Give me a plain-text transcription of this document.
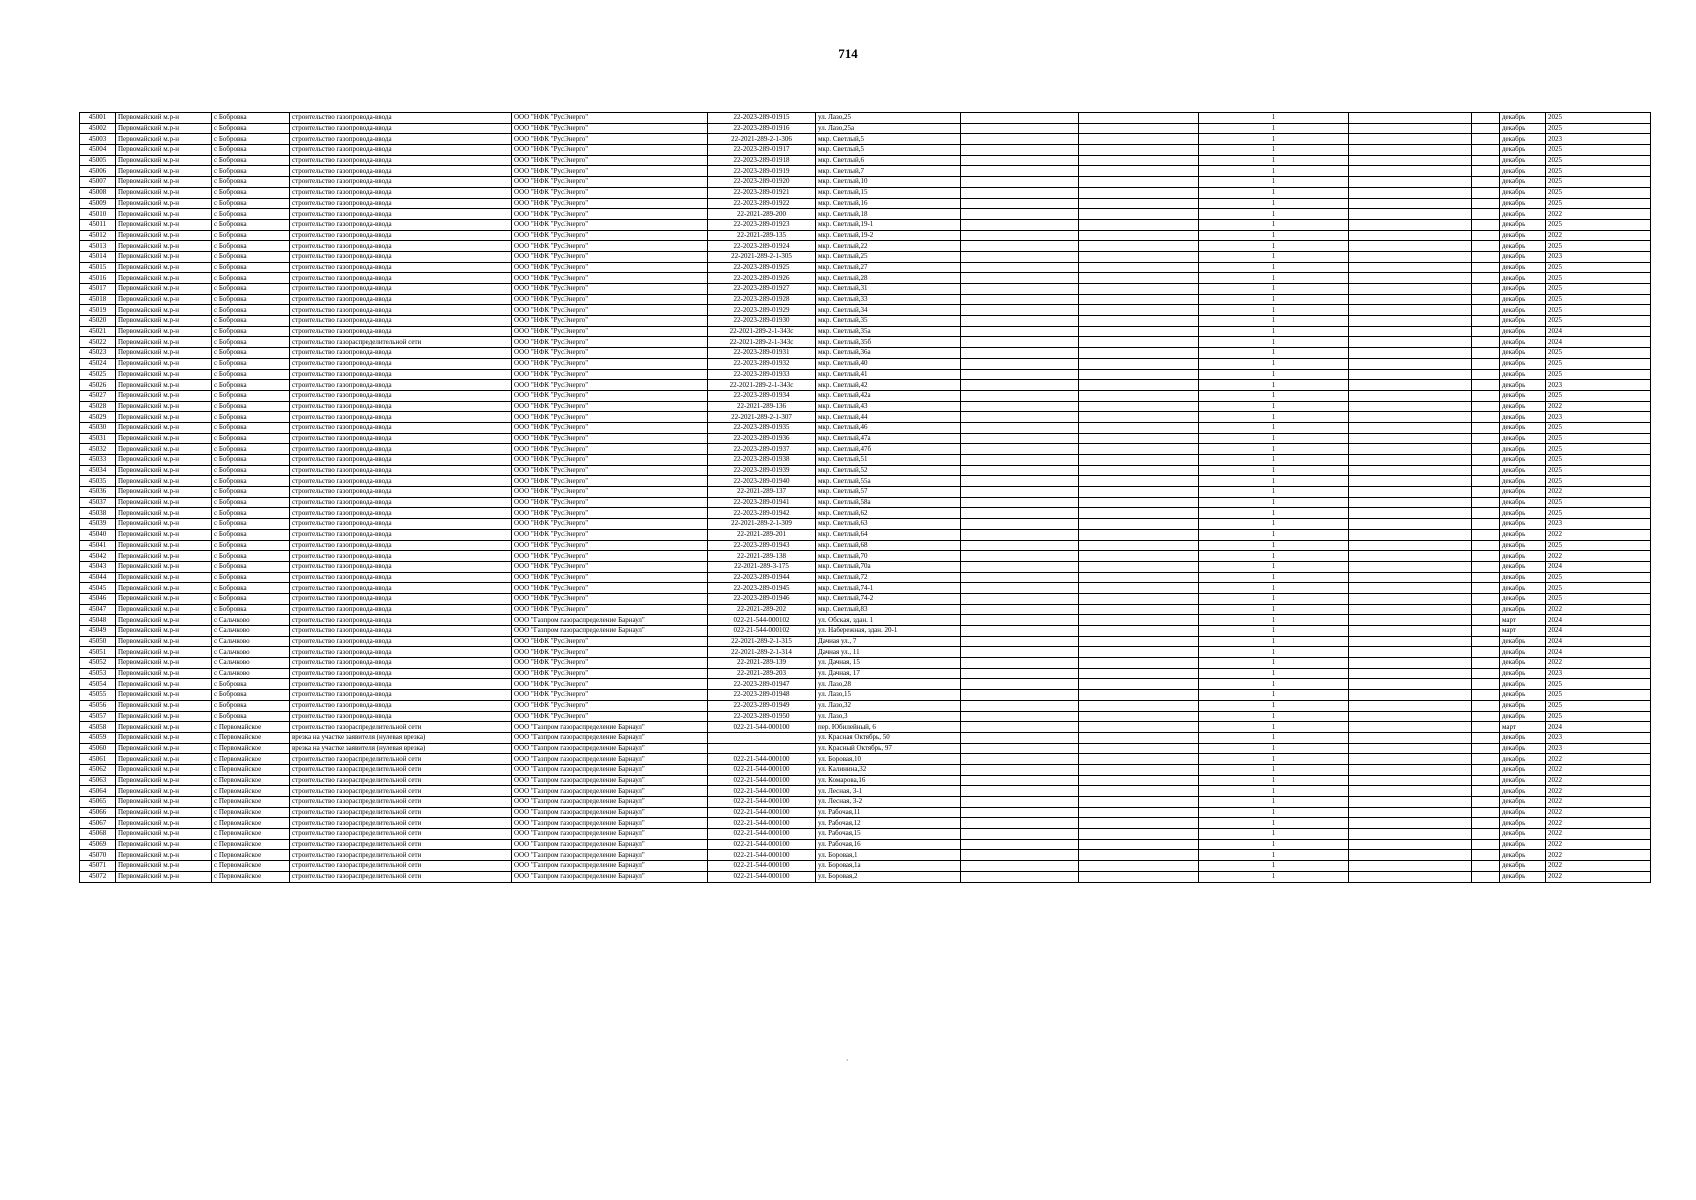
714
45001	Первомайский м.р-н	с Бобровка	строительство газопровода-ввода	ООО "НФК "РусЭнерго"	22-2023-289-01915	ул. Лазо,25			1			декабрь	2025
45002	Первомайский м.р-н	с Бобровка	строительство газопровода-ввода	ООО "НФК "РусЭнерго"	22-2023-289-01916	ул. Лазо,25а			1			декабрь	2025
45003	Первомайский м.р-н	с Бобровка	строительство газопровода-ввода	ООО "НФК "РусЭнерго"	22-2021-289-2-1-306	мкр. Светлый,5			1			декабрь	2023
45004	Первомайский м.р-н	с Бобровка	строительство газопровода-ввода	ООО "НФК "РусЭнерго"	22-2023-289-01917	мкр. Светлый,5			1			декабрь	2025
45005	Первомайский м.р-н	с Бобровка	строительство газопровода-ввода	ООО "НФК "РусЭнерго"	22-2023-289-01918	мкр. Светлый,6			1			декабрь	2025
45006	Первомайский м.р-н	с Бобровка	строительство газопровода-ввода	ООО "НФК "РусЭнерго"	22-2023-289-01919	мкр. Светлый,7			1			декабрь	2025
45007	Первомайский м.р-н	с Бобровка	строительство газопровода-ввода	ООО "НФК "РусЭнерго"	22-2023-289-01920	мкр. Светлый,10			1			декабрь	2025
45008	Первомайский м.р-н	с Бобровка	строительство газопровода-ввода	ООО "НФК "РусЭнерго"	22-2023-289-01921	мкр. Светлый,15			1			декабрь	2025
45009	Первомайский м.р-н	с Бобровка	строительство газопровода-ввода	ООО "НФК "РусЭнерго"	22-2023-289-01922	мкр. Светлый,16			1			декабрь	2025
45010	Первомайский м.р-н	с Бобровка	строительство газопровода-ввода	ООО "НФК "РусЭнерго"	22-2021-289-200	мкр. Светлый,18			1			декабрь	2022
45011	Первомайский м.р-н	с Бобровка	строительство газопровода-ввода	ООО "НФК "РусЭнерго"	22-2023-289-01923	мкр. Светлый,19-1			1			декабрь	2025
45012	Первомайский м.р-н	с Бобровка	строительство газопровода-ввода	ООО "НФК "РусЭнерго"	22-2021-289-135	мкр. Светлый,19-2			1			декабрь	2022
45013	Первомайский м.р-н	с Бобровка	строительство газопровода-ввода	ООО "НФК "РусЭнерго"	22-2023-289-01924	мкр. Светлый,22			1			декабрь	2025
45014	Первомайский м.р-н	с Бобровка	строительство газопровода-ввода	ООО "НФК "РусЭнерго"	22-2021-289-2-1-305	мкр. Светлый,25			1			декабрь	2023
45015	Первомайский м.р-н	с Бобровка	строительство газопровода-ввода	ООО "НФК "РусЭнерго"	22-2023-289-01925	мкр. Светлый,27			1			декабрь	2025
45016	Первомайский м.р-н	с Бобровка	строительство газопровода-ввода	ООО "НФК "РусЭнерго"	22-2023-289-01926	мкр. Светлый,28			1			декабрь	2025
45017	Первомайский м.р-н	с Бобровка	строительство газопровода-ввода	ООО "НФК "РусЭнерго"	22-2023-289-01927	мкр. Светлый,31			1			декабрь	2025
45018	Первомайский м.р-н	с Бобровка	строительство газопровода-ввода	ООО "НФК "РусЭнерго"	22-2023-289-01928	мкр. Светлый,33			1			декабрь	2025
45019	Первомайский м.р-н	с Бобровка	строительство газопровода-ввода	ООО "НФК "РусЭнерго"	22-2023-289-01929	мкр. Светлый,34			1			декабрь	2025
45020	Первомайский м.р-н	с Бобровка	строительство газопровода-ввода	ООО "НФК "РусЭнерго"	22-2023-289-01930	мкр. Светлый,35			1			декабрь	2025
45021	Первомайский м.р-н	с Бобровка	строительство газопровода-ввода	ООО "НФК "РусЭнерго"	22-2021-289-2-1-343с	мкр. Светлый,35а			1			декабрь	2024
45022	Первомайский м.р-н	с Бобровка	строительство газораспределительной сети	ООО "НФК "РусЭнерго"	22-2021-289-2-1-343с	мкр. Светлый,35б			1			декабрь	2024
45023	Первомайский м.р-н	с Бобровка	строительство газопровода-ввода	ООО "НФК "РусЭнерго"	22-2023-289-01931	мкр. Светлый,36а			1			декабрь	2025
45024	Первомайский м.р-н	с Бобровка	строительство газопровода-ввода	ООО "НФК "РусЭнерго"	22-2023-289-01932	мкр. Светлый,40			1			декабрь	2025
45025	Первомайский м.р-н	с Бобровка	строительство газопровода-ввода	ООО "НФК "РусЭнерго"	22-2023-289-01933	мкр. Светлый,41			1			декабрь	2025
45026	Первомайский м.р-н	с Бобровка	строительство газопровода-ввода	ООО "НФК "РусЭнерго"	22-2021-289-2-1-343с	мкр. Светлый,42			1			декабрь	2023
45027	Первомайский м.р-н	с Бобровка	строительство газопровода-ввода	ООО "НФК "РусЭнерго"	22-2023-289-01934	мкр. Светлый,42а			1			декабрь	2025
45028	Первомайский м.р-н	с Бобровка	строительство газопровода-ввода	ООО "НФК "РусЭнерго"	22-2021-289-136	мкр. Светлый,43			1			декабрь	2022
45029	Первомайский м.р-н	с Бобровка	строительство газопровода-ввода	ООО "НФК "РусЭнерго"	22-2021-289-2-1-307	мкр. Светлый,44			1			декабрь	2023
45030	Первомайский м.р-н	с Бобровка	строительство газопровода-ввода	ООО "НФК "РусЭнерго"	22-2023-289-01935	мкр. Светлый,46			1			декабрь	2025
45031	Первомайский м.р-н	с Бобровка	строительство газопровода-ввода	ООО "НФК "РусЭнерго"	22-2023-289-01936	мкр. Светлый,47а			1			декабрь	2025
45032	Первомайский м.р-н	с Бобровка	строительство газопровода-ввода	ООО "НФК "РусЭнерго"	22-2023-289-01937	мкр. Светлый,47б			1			декабрь	2025
45033	Первомайский м.р-н	с Бобровка	строительство газопровода-ввода	ООО "НФК "РусЭнерго"	22-2023-289-01938	мкр. Светлый,51			1			декабрь	2025
45034	Первомайский м.р-н	с Бобровка	строительство газопровода-ввода	ООО "НФК "РусЭнерго"	22-2023-289-01939	мкр. Светлый,52			1			декабрь	2025
45035	Первомайский м.р-н	с Бобровка	строительство газопровода-ввода	ООО "НФК "РусЭнерго"	22-2023-289-01940	мкр. Светлый,55а			1			декабрь	2025
45036	Первомайский м.р-н	с Бобровка	строительство газопровода-ввода	ООО "НФК "РусЭнерго"	22-2021-289-137	мкр. Светлый,57			1			декабрь	2022
45037	Первомайский м.р-н	с Бобровка	строительство газопровода-ввода	ООО "НФК "РусЭнерго"	22-2023-289-01941	мкр. Светлый,58а			1			декабрь	2025
45038	Первомайский м.р-н	с Бобровка	строительство газопровода-ввода	ООО "НФК "РусЭнерго"	22-2023-289-01942	мкр. Светлый,62			1			декабрь	2025
45039	Первомайский м.р-н	с Бобровка	строительство газопровода-ввода	ООО "НФК "РусЭнерго"	22-2021-289-2-1-309	мкр. Светлый,63			1			декабрь	2023
45040	Первомайский м.р-н	с Бобровка	строительство газопровода-ввода	ООО "НФК "РусЭнерго"	22-2021-289-201	мкр. Светлый,64			1			декабрь	2022
45041	Первомайский м.р-н	с Бобровка	строительство газопровода-ввода	ООО "НФК "РусЭнерго"	22-2023-289-01943	мкр. Светлый,68			1			декабрь	2025
45042	Первомайский м.р-н	с Бобровка	строительство газопровода-ввода	ООО "НФК "РусЭнерго"	22-2021-289-138	мкр. Светлый,70			1			декабрь	2022
45043	Первомайский м.р-н	с Бобровка	строительство газопровода-ввода	ООО "НФК "РусЭнерго"	22-2021-289-3-175	мкр. Светлый,70а			1			декабрь	2024
45044	Первомайский м.р-н	с Бобровка	строительство газопровода-ввода	ООО "НФК "РусЭнерго"	22-2023-289-01944	мкр. Светлый,72			1			декабрь	2025
45045	Первомайский м.р-н	с Бобровка	строительство газопровода-ввода	ООО "НФК "РусЭнерго"	22-2023-289-01945	мкр. Светлый,74-1			1			декабрь	2025
45046	Первомайский м.р-н	с Бобровка	строительство газопровода-ввода	ООО "НФК "РусЭнерго"	22-2023-289-01946	мкр. Светлый,74-2			1			декабрь	2025
45047	Первомайский м.р-н	с Бобровка	строительство газопровода-ввода	ООО "НФК "РусЭнерго"	22-2021-289-202	мкр. Светлый,83			1			декабрь	2022
45048	Первомайский м.р-н	с Сальчково	строительство газопровода-ввода	ООО "Газпром газораспределение Барнаул"	022-21-544-000102	ул. Обская, здан. 1			1			март	2024
45049	Первомайский м.р-н	с Сальчково	строительство газопровода-ввода	ООО "Газпром газораспределение Барнаул"	022-21-544-000102	ул. Набережная, здан. 20-1			1			март	2024
45050	Первомайский м.р-н	с Сальчково	строительство газопровода-ввода	ООО "НФК "РусЭнерго"	22-2021-289-2-1-315	Дачная ул., 7			1			декабрь	2024
45051	Первомайский м.р-н	с Сальчково	строительство газопровода-ввода	ООО "НФК "РусЭнерго"	22-2021-289-2-1-314	Дачная ул., 11			1			декабрь	2024
45052	Первомайский м.р-н	с Сальчково	строительство газопровода-ввода	ООО "НФК "РусЭнерго"	22-2021-289-139	ул. Дачная, 15			1			декабрь	2022
45053	Первомайский м.р-н	с Сальчково	строительство газопровода-ввода	ООО "НФК "РусЭнерго"	22-2021-289-203	ул. Дачная, 17			1			декабрь	2023
45054	Первомайский м.р-н	с Бобровка	строительство газопровода-ввода	ООО "НФК "РусЭнерго"	22-2023-289-01947	ул. Лазо,28			1			декабрь	2025
45055	Первомайский м.р-н	с Бобровка	строительство газопровода-ввода	ООО "НФК "РусЭнерго"	22-2023-289-01948	ул. Лазо,15			1			декабрь	2025
45056	Первомайский м.р-н	с Бобровка	строительство газопровода-ввода	ООО "НФК "РусЭнерго"	22-2023-289-01949	ул. Лазо,32			1			декабрь	2025
45057	Первомайский м.р-н	с Бобровка	строительство газопровода-ввода	ООО "НФК "РусЭнерго"	22-2023-289-01950	ул. Лазо,3			1			декабрь	2025
45058	Первомайский м.р-н	с Первомайское	строительство газораспределительной сети	ООО "Газпром газораспределение Барнаул"	022-21-544-000100	пер. Юбилейный, 6			1			март	2024
45059	Первомайский м.р-н	с Первомайское	врезка на участке заявителя (нулевая врезка)	ООО "Газпром газораспределение Барнаул"		ул. Красная Октябрь, 50			1			декабрь	2023
45060	Первомайский м.р-н	с Первомайское	врезка на участке заявителя (нулевая врезка)	ООО "Газпром газораспределение Барнаул"		ул. Красный Октябрь, 97			1			декабрь	2023
45061	Первомайский м.р-н	с Первомайское	строительство газораспределительной сети	ООО "Газпром газораспределение Барнаул"	022-21-544-000100	ул. Боровая,10			1			декабрь	2022
45062	Первомайский м.р-н	с Первомайское	строительство газораспределительной сети	ООО "Газпром газораспределение Барнаул"	022-21-544-000100	ул. Калинина,32			1			декабрь	2022
45063	Первомайский м.р-н	с Первомайское	строительство газораспределительной сети	ООО "Газпром газораспределение Барнаул"	022-21-544-000100	ул. Комарова,16			1			декабрь	2022
45064	Первомайский м.р-н	с Первомайское	строительство газораспределительной сети	ООО "Газпром газораспределение Барнаул"	022-21-544-000100	ул. Лесная, 3-1			1			декабрь	2022
45065	Первомайский м.р-н	с Первомайское	строительство газораспределительной сети	ООО "Газпром газораспределение Барнаул"	022-21-544-000100	ул. Лесная, 3-2			1			декабрь	2022
45066	Первомайский м.р-н	с Первомайское	строительство газораспределительной сети	ООО "Газпром газораспределение Барнаул"	022-21-544-000100	ул. Рабочая,11			1			декабрь	2022
45067	Первомайский м.р-н	с Первомайское	строительство газораспределительной сети	ООО "Газпром газораспределение Барнаул"	022-21-544-000100	ул. Рабочая,12			1			декабрь	2022
45068	Первомайский м.р-н	с Первомайское	строительство газораспределительной сети	ООО "Газпром газораспределение Барнаул"	022-21-544-000100	ул. Рабочая,15			1			декабрь	2022
45069	Первомайский м.р-н	с Первомайское	строительство газораспределительной сети	ООО "Газпром газораспределение Барнаул"	022-21-544-000100	ул. Рабочая,16			1			декабрь	2022
45070	Первомайский м.р-н	с Первомайское	строительство газораспределительной сети	ООО "Газпром газораспределение Барнаул"	022-21-544-000100	ул. Боровая,1			1			декабрь	2022
45071	Первомайский м.р-н	с Первомайское	строительство газораспределительной сети	ООО "Газпром газораспределение Барнаул"	022-21-544-000100	ул. Боровая,1а			1			декабрь	2022
45072	Первомайский м.р-н	с Первомайское	строительство газораспределительной сети	ООО "Газпром газораспределение Барнаул"	022-21-544-000100	ул. Боровая,2			1			декабрь	2022
·
